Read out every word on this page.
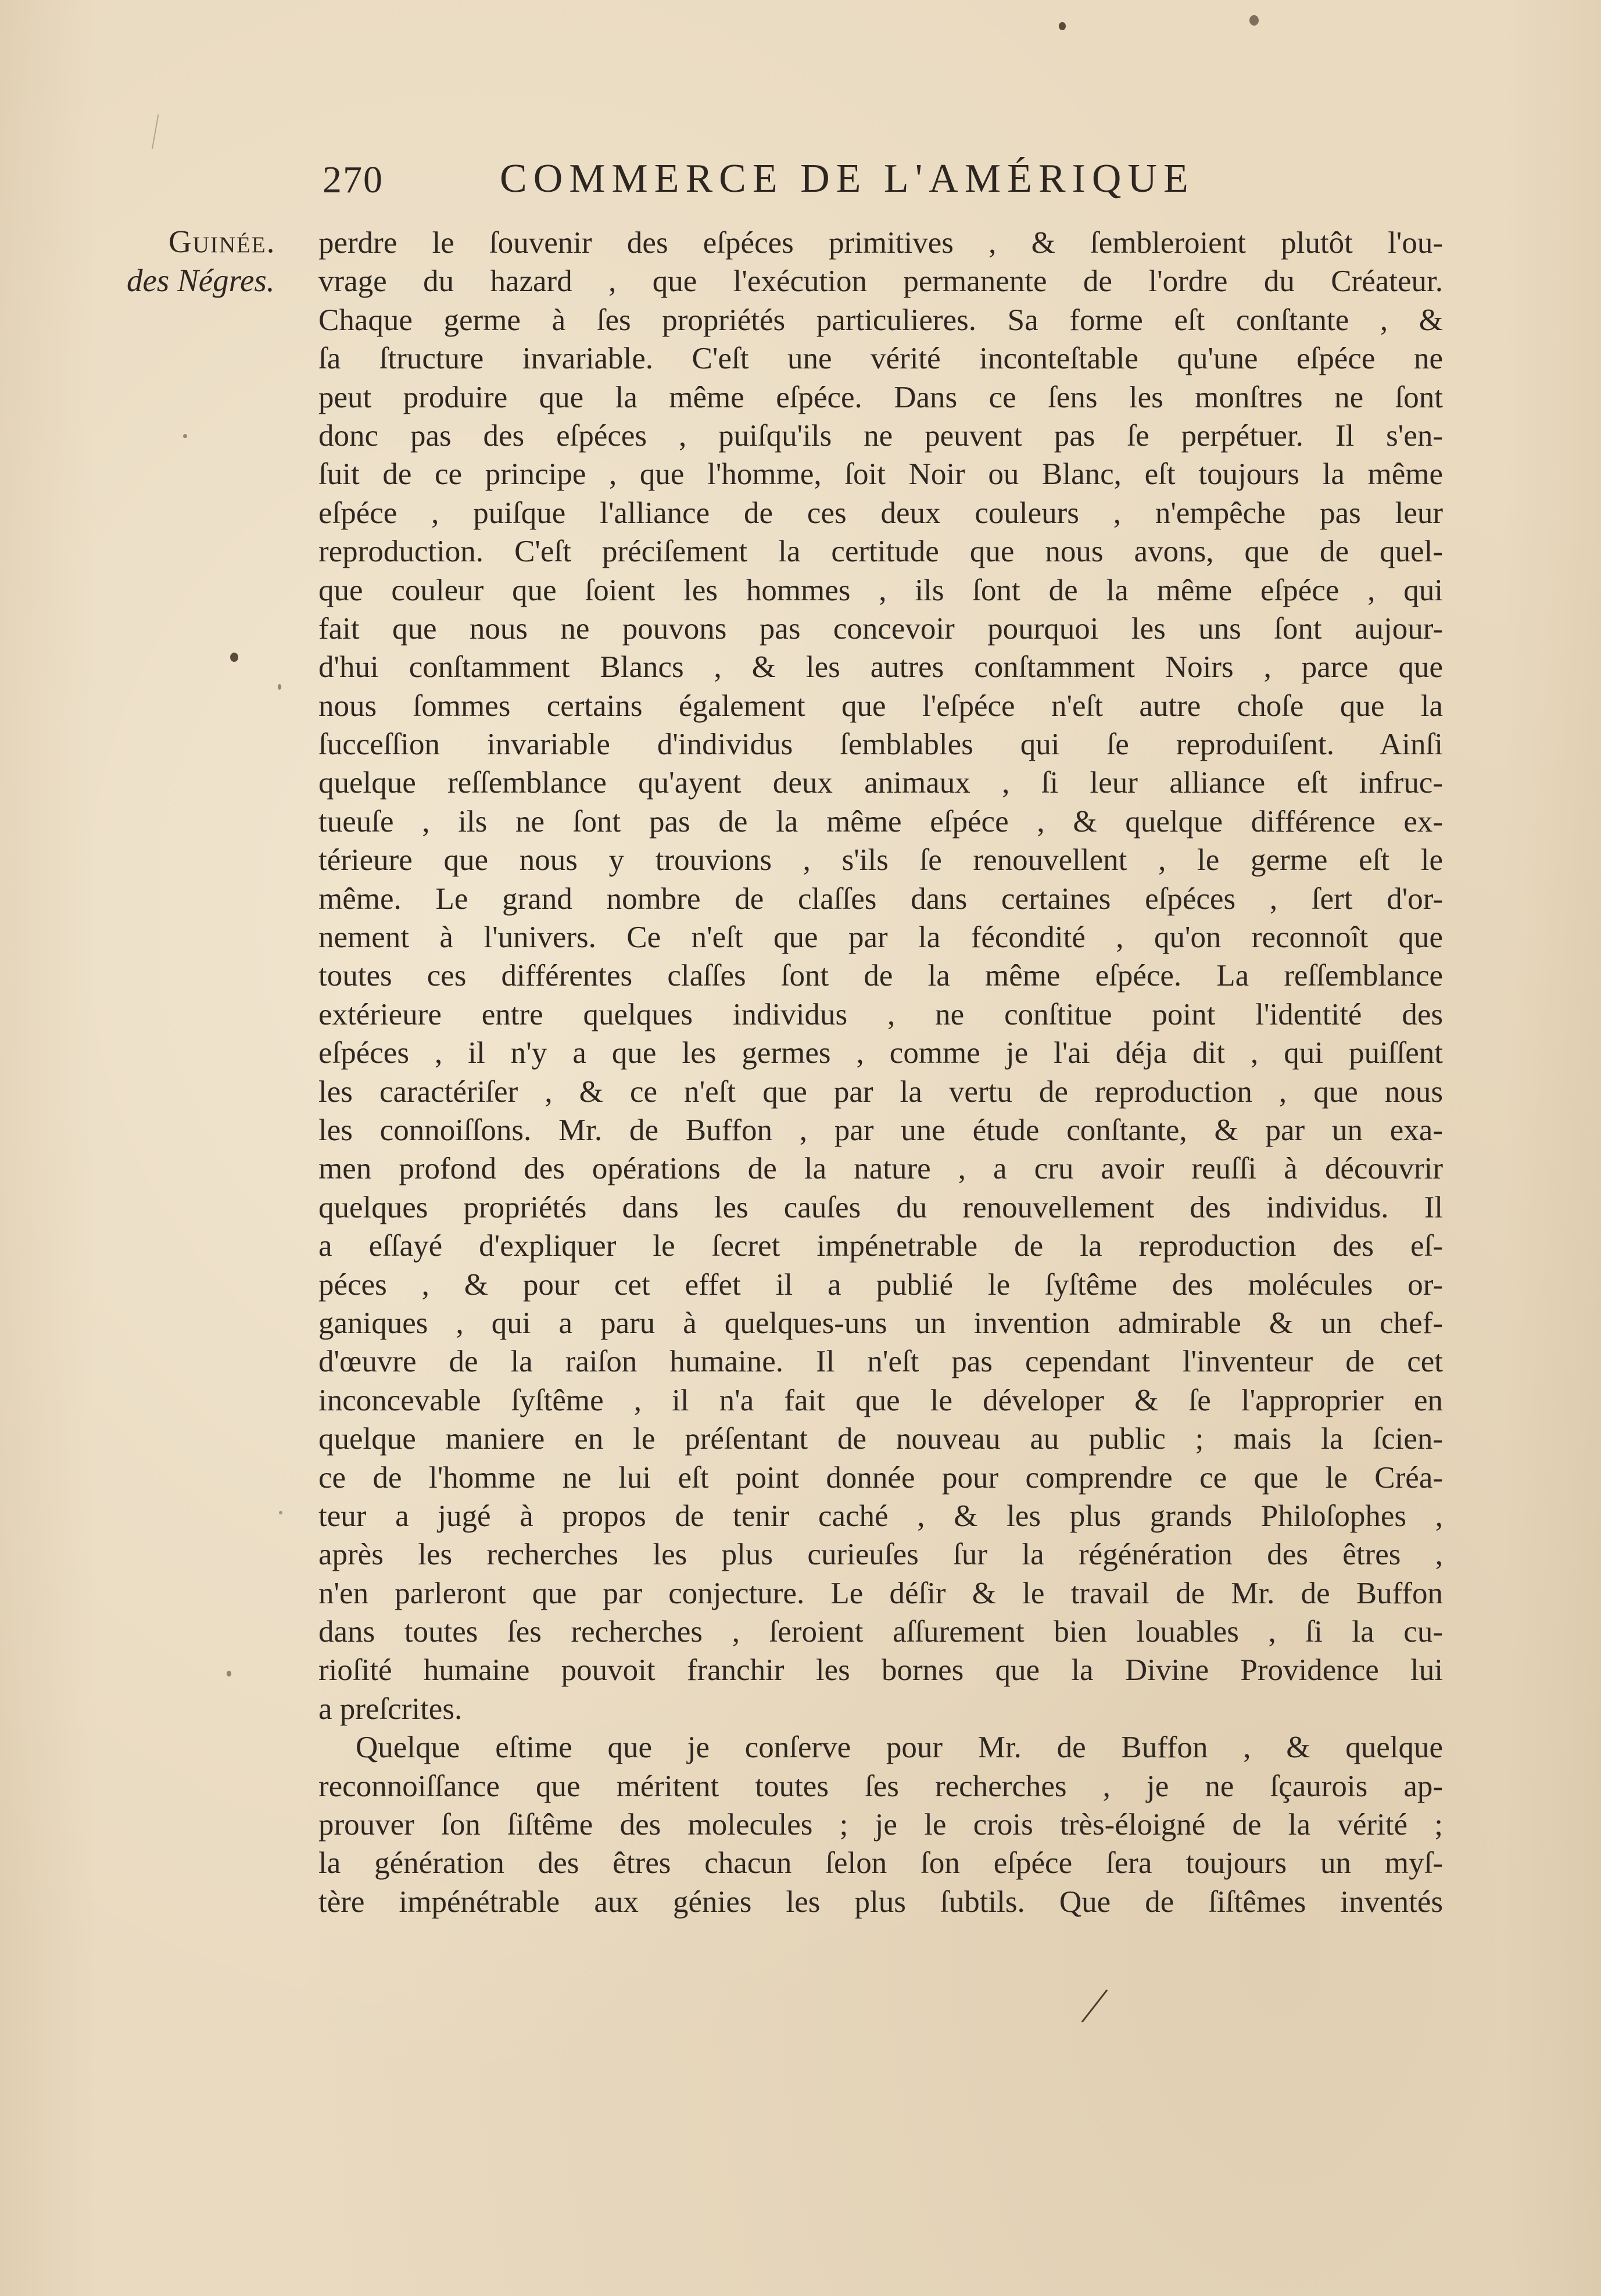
270	COMMERCE DE L'AMÉRIQUE
Guinée.
des Négres.
perdre le ſouvenir des eſpéces primitives , & ſembleroient plutôt l'ou-
vrage du hazard , que l'exécution permanente de l'ordre du Créateur.
Chaque germe à ſes propriétés particulieres. Sa forme eſt conſtante , &
ſa ſtructure invariable. C'eſt une vérité inconteſtable qu'une eſpéce ne
peut produire que la même eſpéce. Dans ce ſens les monſtres ne ſont
donc pas des eſpéces , puiſqu'ils ne peuvent pas ſe perpétuer. Il s'en-
ſuit de ce principe , que l'homme, ſoit Noir ou Blanc, eſt toujours la même
eſpéce , puiſque l'alliance de ces deux couleurs , n'empêche pas leur
reproduction. C'eſt préciſement la certitude que nous avons, que de quel-
que couleur que ſoient les hommes , ils ſont de la même eſpéce , qui
fait que nous ne pouvons pas concevoir pourquoi les uns ſont aujour-
d'hui conſtamment Blancs , & les autres conſtamment Noirs , parce que
nous ſommes certains également que l'eſpéce n'eſt autre choſe que la
ſucceſſion invariable d'individus ſemblables qui ſe reproduiſent. Ainſi
quelque reſſemblance qu'ayent deux animaux , ſi leur alliance eſt infruc-
tueuſe , ils ne ſont pas de la même eſpéce , & quelque différence ex-
térieure que nous y trouvions , s'ils ſe renouvellent , le germe eſt le
même. Le grand nombre de claſſes dans certaines eſpéces , ſert d'or-
nement à l'univers. Ce n'eſt que par la fécondité , qu'on reconnoît que
toutes ces différentes claſſes ſont de la même eſpéce. La reſſemblance
extérieure entre quelques individus , ne conſtitue point l'identité des
eſpéces , il n'y a que les germes , comme je l'ai déja dit , qui puiſſent
les caractériſer , & ce n'eſt que par la vertu de reproduction , que nous
les connoiſſons. Mr. de Buffon , par une étude conſtante, & par un exa-
men profond des opérations de la nature , a cru avoir reuſſi à découvrir
quelques propriétés dans les cauſes du renouvellement des individus. Il
a eſſayé d'expliquer le ſecret impénetrable de la reproduction des eſ-
péces , & pour cet effet il a publié le ſyſtême des molécules or-
ganiques , qui a paru à quelques-uns un invention admirable & un chef-
d'œuvre de la raiſon humaine. Il n'eſt pas cependant l'inventeur de cet
inconcevable ſyſtême , il n'a fait que le déveloper & ſe l'approprier en
quelque maniere en le préſentant de nouveau au public ; mais la ſcien-
ce de l'homme ne lui eſt point donnée pour comprendre ce que le Créa-
teur a jugé à propos de tenir caché , & les plus grands Philoſophes ,
après les recherches les plus curieuſes ſur la régénération des êtres ,
n'en parleront que par conjecture. Le déſir & le travail de Mr. de Buffon
dans toutes ſes recherches , ſeroient aſſurement bien louables , ſi la cu-
rioſité humaine pouvoit franchir les bornes que la Divine Providence lui
a preſcrites.
Quelque eſtime que je conſerve pour Mr. de Buffon , & quelque
reconnoiſſance que méritent toutes ſes recherches , je ne ſçaurois ap-
prouver ſon ſiſtême des molecules ; je le crois très-éloigné de la vérité ;
la génération des êtres chacun ſelon ſon eſpéce ſera toujours un myſ-
tère impénétrable aux génies les plus ſubtils. Que de ſiſtêmes inventés
